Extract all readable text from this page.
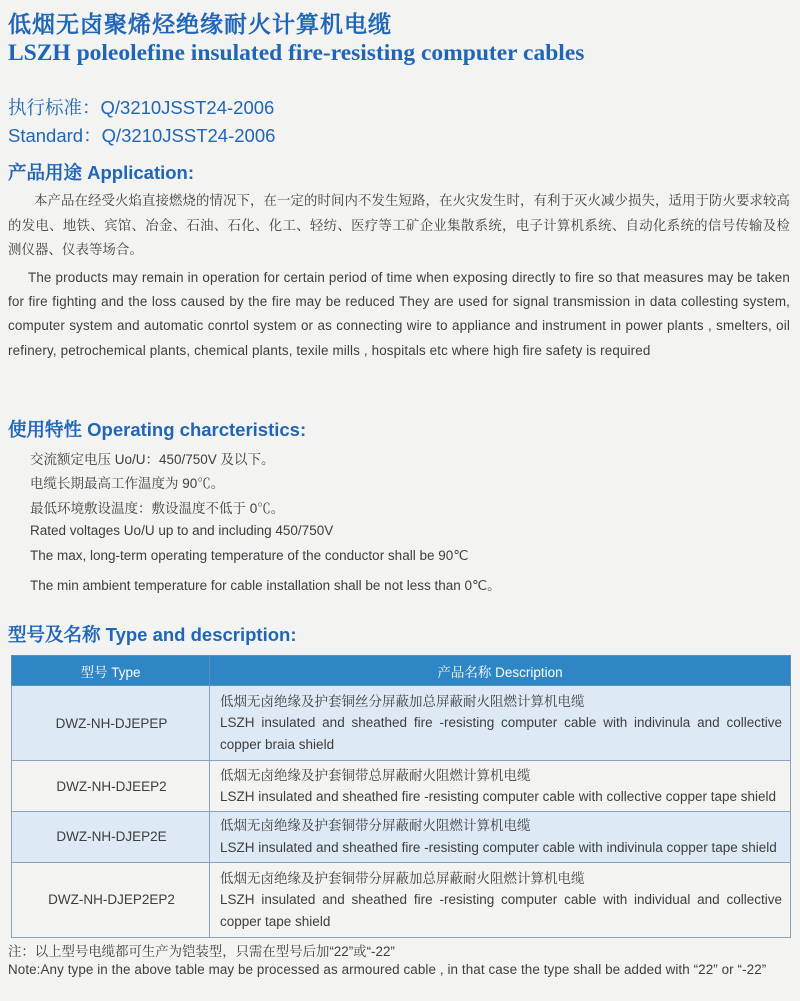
低烟无卤聚烯烃绝缘耐火计算机电缆
LSZH poleolefine insulated fire-resisting computer cables

执行标准：Q/3210JSST24-2006

Standard：Q/3210JSST24-2006

产品用途 Application:

本产品在经受火焰直接燃烧的情况下，在一定的时间内不发生短路，在火灾发生时，有利于灭火减少损失，适用于防火要求较高的发电、地铁、宾馆、冶金、石油、石化、化工、轻纺、医疗等工矿企业集散系统，电子计算机系统、自动化系统的信号传输及检测仪器、仪表等场合。

The products may remain in operation for certain period of time when exposing directly to fire so that measures may be taken for fire fighting and the loss caused by the fire may be reduced They are used for signal transmission in data collesting system, computer system and automatic conrtol system or as connecting wire to appliance and instrument in power plants , smelters, oil refinery, petrochemical plants, chemical plants, texile mills , hospitals etc where high fire safety is required

使用特性 Operating charcteristics:

交流额定电压 Uo/U：450/750V 及以下。

电缆长期最高工作温度为 90℃。

最低环境敷设温度：敷设温度不低于 0℃。

Rated voltages Uo/U up to and including 450/750V

The max, long-term operating temperature of the conductor shall be 90℃

The min ambient temperature for cable installation shall be not less than 0℃。

型号及名称 Type and description:
型号 Type	产品名称 Description
DWZ-NH-DJEPEP	低烟无卤绝缘及护套铜丝分屏蔽加总屏蔽耐火阻燃计算机电缆
LSZH insulated and sheathed fire -resisting computer cable with indivinula and collective copper braia shield

DWZ-NH-DJEEP2	低烟无卤绝缘及护套铜带总屏蔽耐火阻燃计算机电缆
LSZH insulated and sheathed fire -resisting computer cable with collective copper tape shield

DWZ-NH-DJEP2E	低烟无卤绝缘及护套铜带分屏蔽耐火阻燃计算机电缆
LSZH insulated and sheathed fire -resisting computer cable with indivinula copper tape shield

DWZ-NH-DJEP2EP2	低烟无卤绝缘及护套铜带分屏蔽加总屏蔽耐火阻燃计算机电缆
LSZH insulated and sheathed fire -resisting computer cable with individual and collective copper tape shield

注：以上型号电缆都可生产为铠装型，只需在型号后加“22”或“-22”

Note:Any type in the above table may be processed as armoured cable , in that case the type shall be added with “22” or “-22”
